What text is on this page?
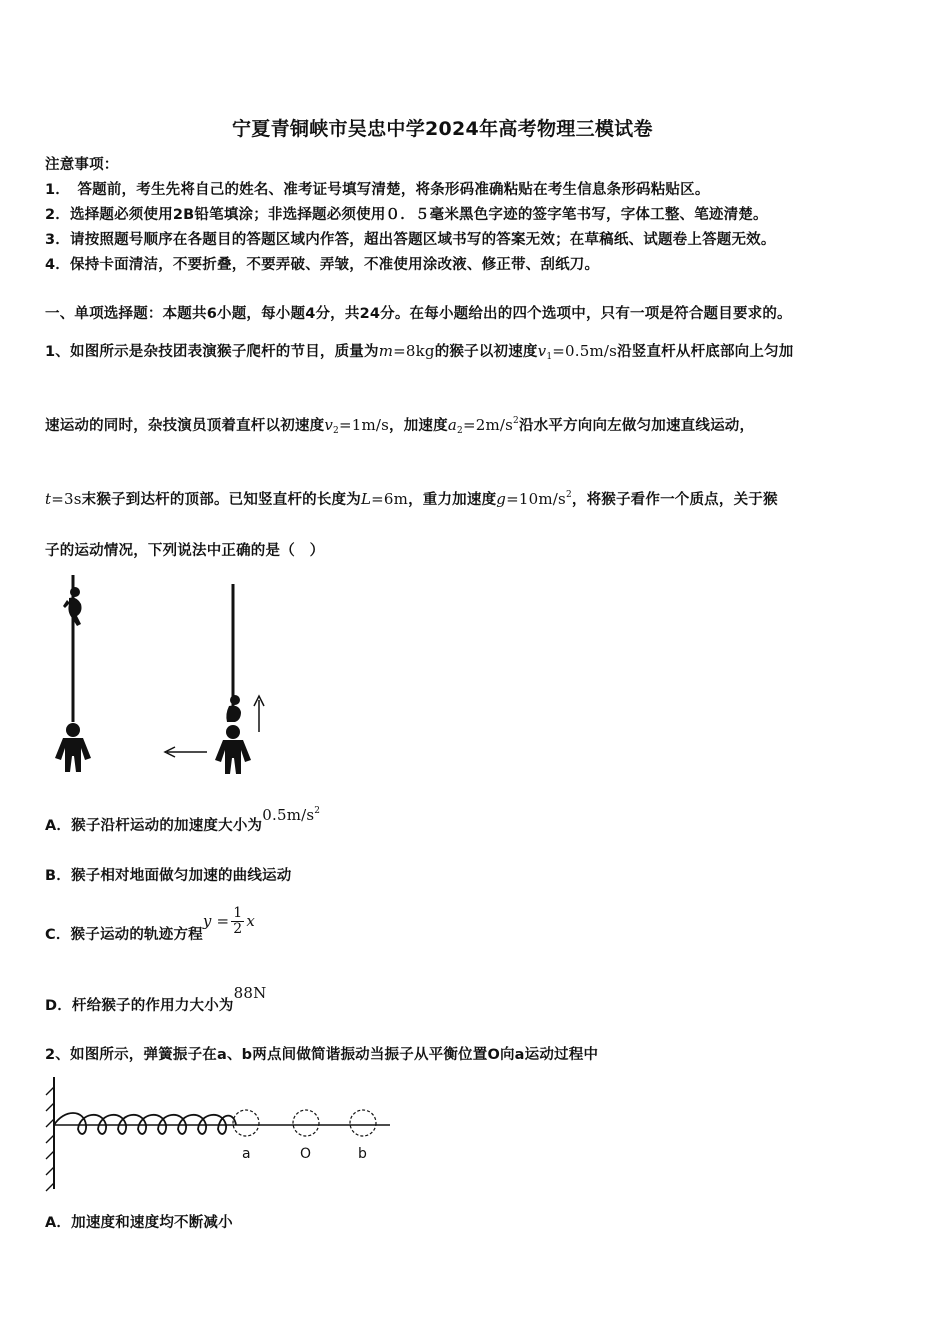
宁夏青铜峡市吴忠中学2024年高考物理三模试卷
注意事项：
1．　答题前，考生先将自己的姓名、准考证号填写清楚，将条形码准确粘贴在考生信息条形码粘贴区。
2．选择题必须使用2B铅笔填涂；非选择题必须使用０．５毫米黑色字迹的签字笔书写，字体工整、笔迹清楚。
3．请按照题号顺序在各题目的答题区域内作答，超出答题区域书写的答案无效；在草稿纸、试题卷上答题无效。
4．保持卡面清洁，不要折叠，不要弄破、弄皱，不准使用涂改液、修正带、刮纸刀。
一、单项选择题：本题共6小题，每小题4分，共24分。在每小题给出的四个选项中，只有一项是符合题目要求的。
1、如图所示是杂技团表演猴子爬杆的节目，质量为m=8kg的猴子以初速度$v_1=0.5m/s$沿竖直杆从杆底部向上匀加
速运动的同时，杂技演员顶着直杆以初速度$v_2=1m/s$，加速度$a_2=2m/s^2$沿水平方向向左做匀加速直线运动，
t=3s末猴子到达杆的顶部。已知竖直杆的长度为L=6m，重力加速度$g=10m/s^2$，将猴子看作一个质点，关于猴
子的运动情况，下列说法中正确的是（　）
A．猴子沿杆运动的加速度大小为$0.5m/s^2$
B．猴子相对地面做匀加速的曲线运动
C．猴子运动的轨迹方程$y = \frac{1}{2}$ x
D．杆给猴子的作用力大小为88N
2、如图所示，弹簧振子在a、b两点间做简谐振动当振子从平衡位置O向a运动过程中
a	O	b
A．加速度和速度均不断减小
